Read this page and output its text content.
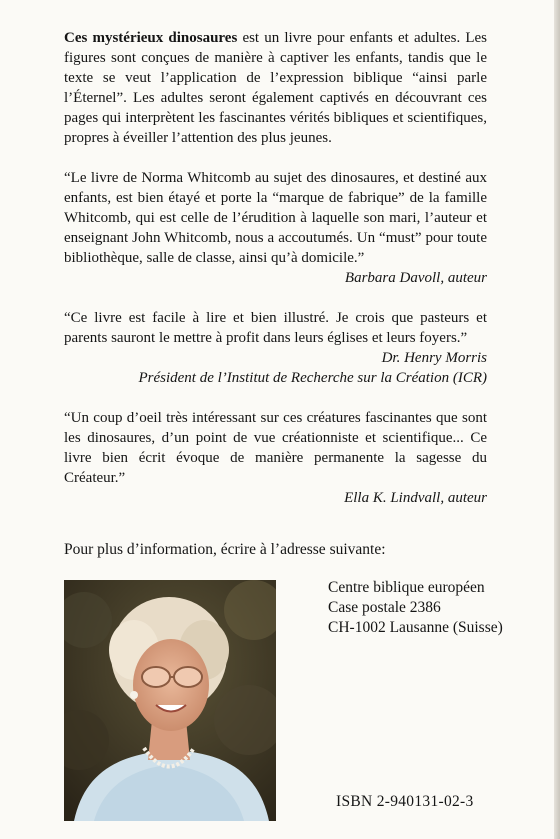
Ces mystérieux dinosaures est un livre pour enfants et adultes. Les figures sont conçues de manière à captiver les enfants, tandis que le texte se veut l’application de l’expression biblique “ainsi parle l’Éternel”. Les adultes seront également captivés en découvrant ces pages qui interprètent les fascinantes vérités bibliques et scientifiques, propres à éveiller l’attention des plus jeunes.

“Le livre de Norma Whitcomb au sujet des dinosaures, et destiné aux enfants, est bien étayé et porte la “marque de fabrique” de la famille Whitcomb, qui est celle de l’érudition à laquelle son mari, l’auteur et enseignant John Whitcomb, nous a accoutumés. Un “must” pour toute bibliothèque, salle de classe, ainsi qu’à domicile.”

Barbara Davoll, auteur

“Ce livre est facile à lire et bien illustré. Je crois que pasteurs et parents sauront le mettre à profit dans leurs églises et leurs foyers.”

Dr. Henry Morris
Président de l’Institut de Recherche sur la Création (ICR)

“Un coup d’oeil très intéressant sur ces créatures fascinantes que sont les dinosaures, d’un point de vue créationniste et scientifique... Ce livre bien écrit évoque de manière permanente la sagesse du Créateur.”

Ella K. Lindvall, auteur
Pour plus d’information, écrire à l’adresse suivante:
Centre biblique européen
Case postale 2386
CH-1002 Lausanne (Suisse)
ISBN 2-940131-02-3
